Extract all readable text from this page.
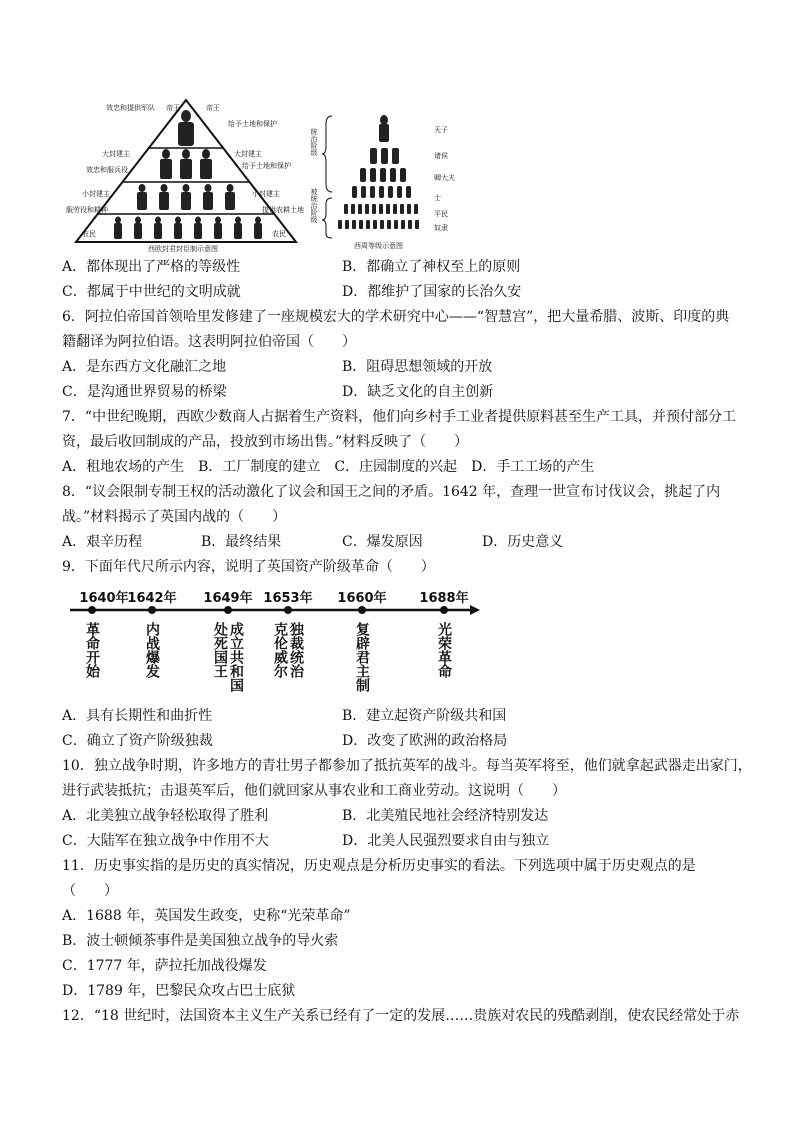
帝王
效忠和提供军队
大封建主
效忠和服兵役
小封建主
服劳役和耕种
农民
帝王
给予土地和保护
大封建主
给予土地和保护
小封建主
提供农耕土地
农民
西欧封君封臣制示意图
统治阶级
被统治阶级
天子
诸侯
卿大夫
士
平民
奴隶
西周等级示意图
A．都体现出了严格的等级性	B．都确立了神权至上的原则
C．都属于中世纪的文明成就	D．都维护了国家的长治久安
6．阿拉伯帝国首领哈里发修建了一座规模宏大的学术研究中心——“智慧宫”，把大量希腊、波斯、印度的典
籍翻译为阿拉伯语。这表明阿拉伯帝国（　　）
A．是东西方文化融汇之地	B．阻碍思想领域的开放
C．是沟通世界贸易的桥梁	D．缺乏文化的自主创新
7．“中世纪晚期，西欧少数商人占据着生产资料，他们向乡村手工业者提供原料甚至生产工具，并预付部分工
资，最后收回制成的产品，投放到市场出售。”材料反映了（　　）
A．租地农场的产生　B．工厂制度的建立　C．庄园制度的兴起　D．手工工场的产生
8．“议会限制专制王权的活动激化了议会和国王之间的矛盾。1642 年，查理一世宣布讨伐议会，挑起了内
战。”材料揭示了英国内战的（　　）
A．艰辛历程	B．最终结果	C．爆发原因	D．历史意义
9．下面年代尺所示内容，说明了英国资产阶级革命（　　）
1640年
1642年 1649年 1653年 1660年	1688年
革命开始	内战爆发	处死国王 成立共和国 克伦威尔 独裁统治	复辟君主制	光荣革命
A．具有长期性和曲折性	B．建立起资产阶级共和国
C．确立了资产阶级独裁	D．改变了欧洲的政治格局
10．独立战争时期，许多地方的青壮男子都参加了抵抗英军的战斗。每当英军将至，他们就拿起武器走出家门，
进行武装抵抗；击退英军后，他们就回家从事农业和工商业劳动。这说明（　　）
A．北美独立战争轻松取得了胜利	B．北美殖民地社会经济特别发达
C．大陆军在独立战争中作用不大	D．北美人民强烈要求自由与独立
11．历史事实指的是历史的真实情况，历史观点是分析历史事实的看法。下列选项中属于历史观点的是
（　　）
A．1688 年，英国发生政变，史称“光荣革命”
B．波士顿倾茶事件是美国独立战争的导火索
C．1777 年，萨拉托加战役爆发
D．1789 年，巴黎民众攻占巴士底狱
12．“18 世纪时，法国资本主义生产关系已经有了一定的发展……贵族对农民的残酷剥削，使农民经常处于赤
